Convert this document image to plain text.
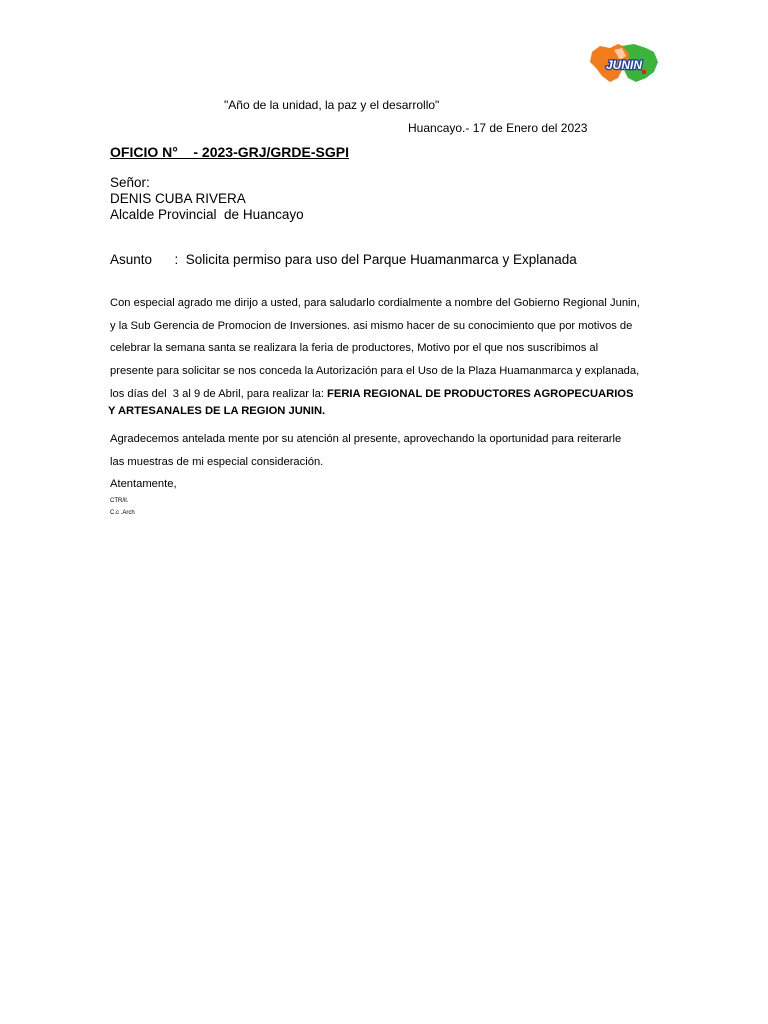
JUNIN
"Año de la unidad, la paz y el desarrollo"
Huancayo.- 17 de Enero del 2023
OFICIO N°    - 2023-GRJ/GRDE-SGPI
Señor:
DENIS CUBA RIVERA
Alcalde Provincial  de Huancayo
Asunto      :  Solicita permiso para uso del Parque Huamanmarca y Explanada
Con especial agrado me dirijo a usted, para saludarlo cordialmente a nombre del Gobierno Regional Junin,
y la Sub Gerencia de Promocion de Inversiones. asi mismo hacer de su conocimiento que por motivos de
celebrar la semana santa se realizara la feria de productores, Motivo por el que nos suscribimos al
presente para solicitar se nos conceda la Autorización para el Uso de la Plaza Huamanmarca y explanada,
los días del  3 al 9 de Abril, para realizar la: FERIA REGIONAL DE PRODUCTORES AGROPECUARIOS
Y ARTESANALES DE LA REGION JUNIN.
Agradecemos antelada mente por su atención al presente, aprovechando la oportunidad para reiterarle
las muestras de mi especial consideración.
Atentamente,
CTR/ll.
C.c .Arch
